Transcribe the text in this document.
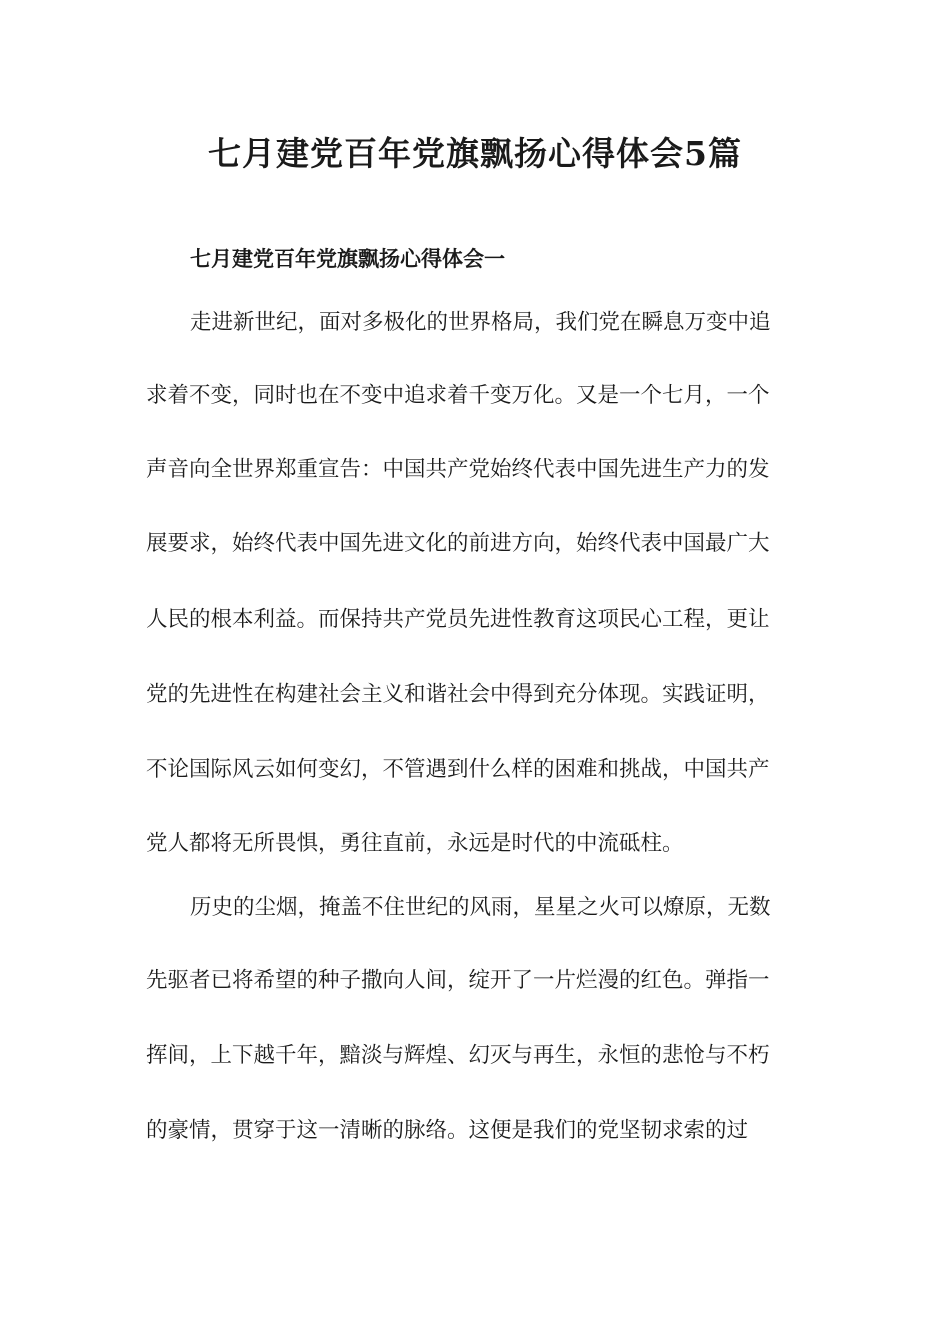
七月建党百年党旗飘扬心得体会5篇
七月建党百年党旗飘扬心得体会一
走进新世纪，面对多极化的世界格局，我们党在瞬息万变中追
求着不变，同时也在不变中追求着千变万化。又是一个七月，一个
声音向全世界郑重宣告：中国共产党始终代表中国先进生产力的发
展要求，始终代表中国先进文化的前进方向，始终代表中国最广大
人民的根本利益。而保持共产党员先进性教育这项民心工程，更让
党的先进性在构建社会主义和谐社会中得到充分体现。实践证明，
不论国际风云如何变幻，不管遇到什么样的困难和挑战，中国共产
党人都将无所畏惧，勇往直前，永远是时代的中流砥柱。
历史的尘烟，掩盖不住世纪的风雨，星星之火可以燎原，无数
先驱者已将希望的种子撒向人间，绽开了一片烂漫的红色。弹指一
挥间，上下越千年，黯淡与辉煌、幻灭与再生，永恒的悲怆与不朽
的豪情，贯穿于这一清晰的脉络。这便是我们的党坚韧求索的过
